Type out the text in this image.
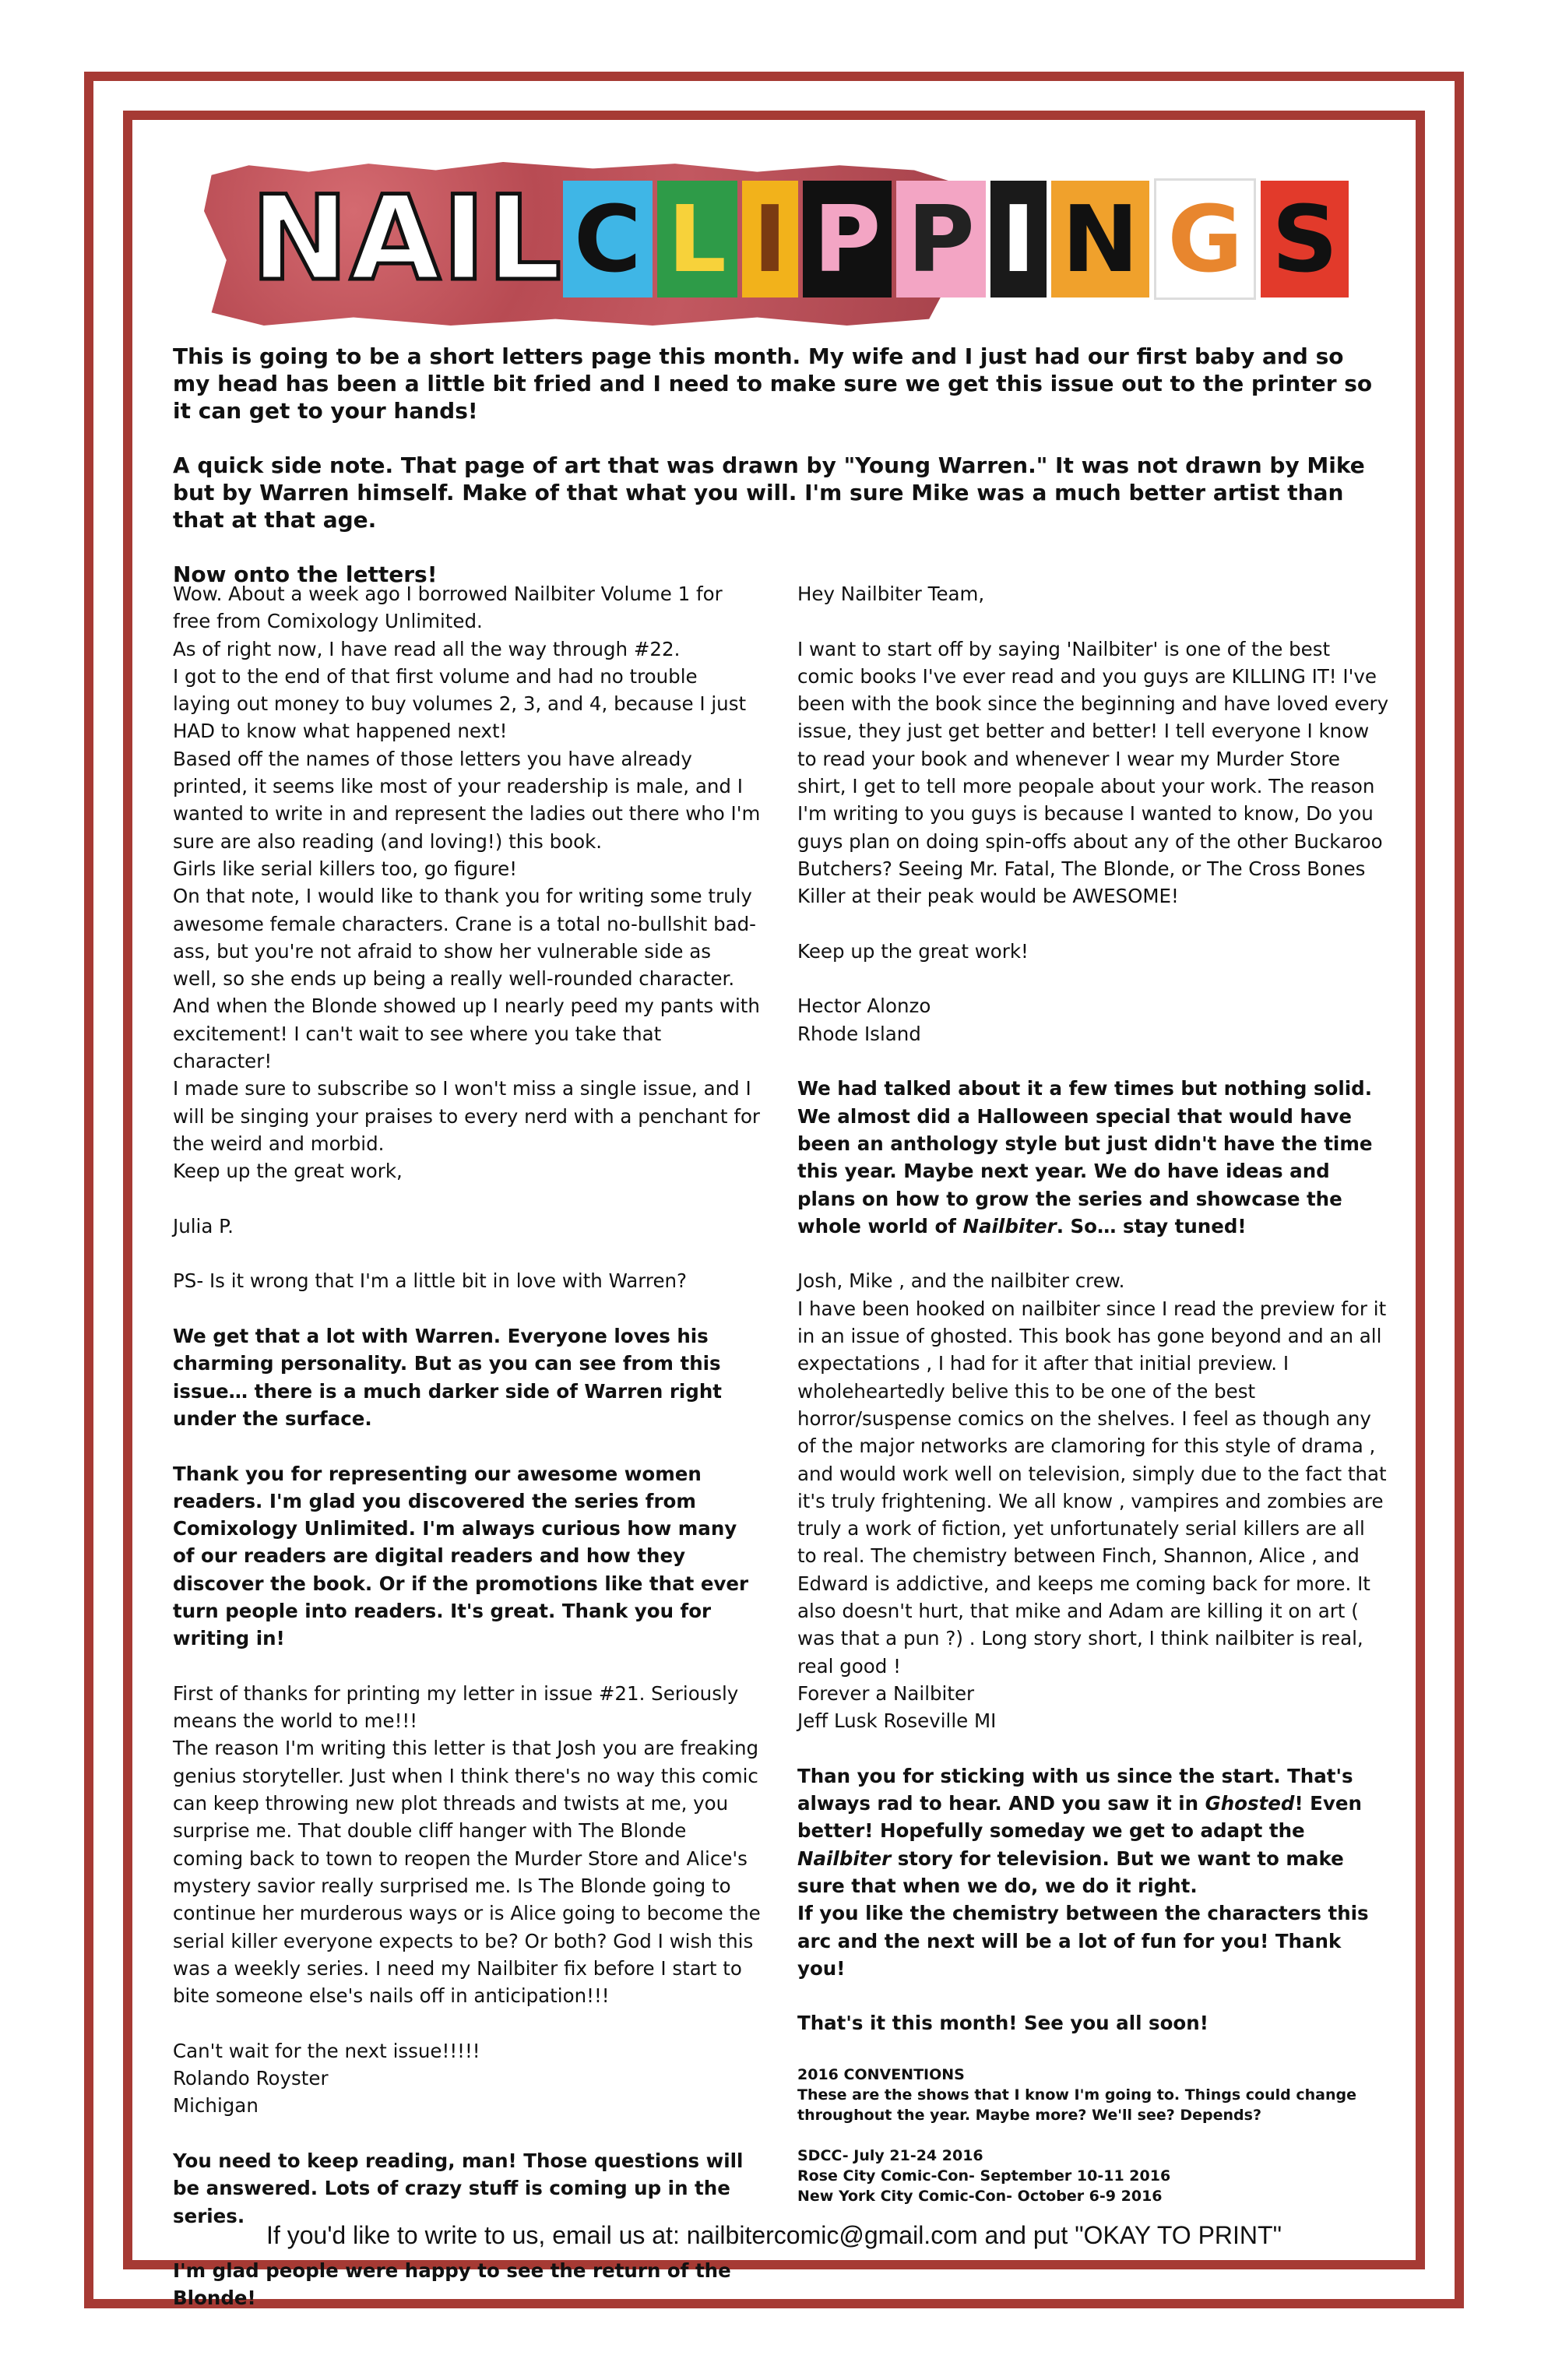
N A I L C L I P P I N G S

This is going to be a short letters page this month. My wife and I just had our first baby and so my head has been a little bit fried and I need to make sure we get this issue out to the printer so it can get to your hands!

A quick side note. That page of art that was drawn by "Young Warren." It was not drawn by Mike but by Warren himself. Make of that what you will. I'm sure Mike was a much better artist than that at that age.

Now onto the letters!

Wow. About a week ago I borrowed Nailbiter Volume 1 for free from Comixology Unlimited.

As of right now, I have read all the way through #22.

I got to the end of that first volume and had no trouble laying out money to buy volumes 2, 3, and 4, because I just HAD to know what happened next!

Based off the names of those letters you have already printed, it seems like most of your readership is male, and I wanted to write in and represent the ladies out there who I'm sure are also reading (and loving!) this book.

Girls like serial killers too, go figure!

On that note, I would like to thank you for writing some truly awesome female characters. Crane is a total no-bullshit bad-ass, but you're not afraid to show her vulnerable side as well, so she ends up being a really well-rounded character. And when the Blonde showed up I nearly peed my pants with excitement! I can't wait to see where you take that character!

I made sure to subscribe so I won't miss a single issue, and I will be singing your praises to every nerd with a penchant for the weird and morbid.

Keep up the great work,

Julia P.

PS- Is it wrong that I'm a little bit in love with Warren?

We get that a lot with Warren. Everyone loves his charming personality. But as you can see from this issue… there is a much darker side of Warren right under the surface.

Thank you for representing our awesome women readers. I'm glad you discovered the series from Comixology Unlimited. I'm always curious how many of our readers are digital readers and how they discover the book. Or if the promotions like that ever turn people into readers. It's great. Thank you for writing in!

First of thanks for printing my letter in issue #21. Seriously means the world to me!!!

The reason I'm writing this letter is that Josh you are freaking genius storyteller. Just when I think there's no way this comic can keep throwing new plot threads and twists at me, you surprise me. That double cliff hanger with The Blonde coming back to town to reopen the Murder Store and Alice's mystery savior really surprised me. Is The Blonde going to continue her murderous ways or is Alice going to become the serial killer everyone expects to be? Or both? God I wish this was a weekly series. I need my Nailbiter fix before I start to bite someone else's nails off in anticipation!!!

Can't wait for the next issue!!!!!

Rolando Royster

Michigan

You need to keep reading, man! Those questions will be answered. Lots of crazy stuff is coming up in the series.

I'm glad people were happy to see the return of the Blonde!

Hey Nailbiter Team,

I want to start off by saying 'Nailbiter' is one of the best comic books I've ever read and you guys are KILLING IT! I've been with the book since the beginning and have loved every issue, they just get better and better! I tell everyone I know to read your book and whenever I wear my Murder Store shirt, I get to tell more peopale about your work. The reason I'm writing to you guys is because I wanted to know, Do you guys plan on doing spin-offs about any of the other Buckaroo Butchers? Seeing Mr. Fatal, The Blonde, or The Cross Bones Killer at their peak would be AWESOME!

Keep up the great work!

Hector Alonzo

Rhode Island

We had talked about it a few times but nothing solid. We almost did a Halloween special that would have been an anthology style but just didn't have the time this year. Maybe next year. We do have ideas and plans on how to grow the series and showcase the whole world of Nailbiter. So… stay tuned!

Josh, Mike , and the nailbiter crew.

I have been hooked on nailbiter since I read the preview for it in an issue of ghosted. This book has gone beyond and an all expectations , I had for it after that initial preview. I wholeheartedly belive this to be one of the best horror/suspense comics on the shelves. I feel as though any of the major networks are clamoring for this style of drama , and would work well on television, simply due to the fact that it's truly frightening. We all know , vampires and zombies are truly a work of fiction, yet unfortunately serial killers are all to real. The chemistry between Finch, Shannon, Alice , and Edward is addictive, and keeps me coming back for more. It also doesn't hurt, that mike and Adam are killing it on art ( was that a pun ?) . Long story short, I think nailbiter is real, real good !

Forever a Nailbiter

Jeff Lusk Roseville MI

Than you for sticking with us since the start. That's always rad to hear. AND you saw it in Ghosted! Even better! Hopefully someday we get to adapt the Nailbiter story for television. But we want to make sure that when we do, we do it right.

If you like the chemistry between the characters this arc and the next will be a lot of fun for you! Thank you!

That's it this month! See you all soon!

2016 CONVENTIONS

These are the shows that I know I'm going to. Things could change throughout the year. Maybe more? We'll see? Depends?

SDCC- July 21-24 2016
Rose City Comic-Con- September 10-11 2016
New York City Comic-Con- October 6-9 2016
If you'd like to write to us, email us at: nailbitercomic@gmail.com and put "OKAY TO PRINT"
